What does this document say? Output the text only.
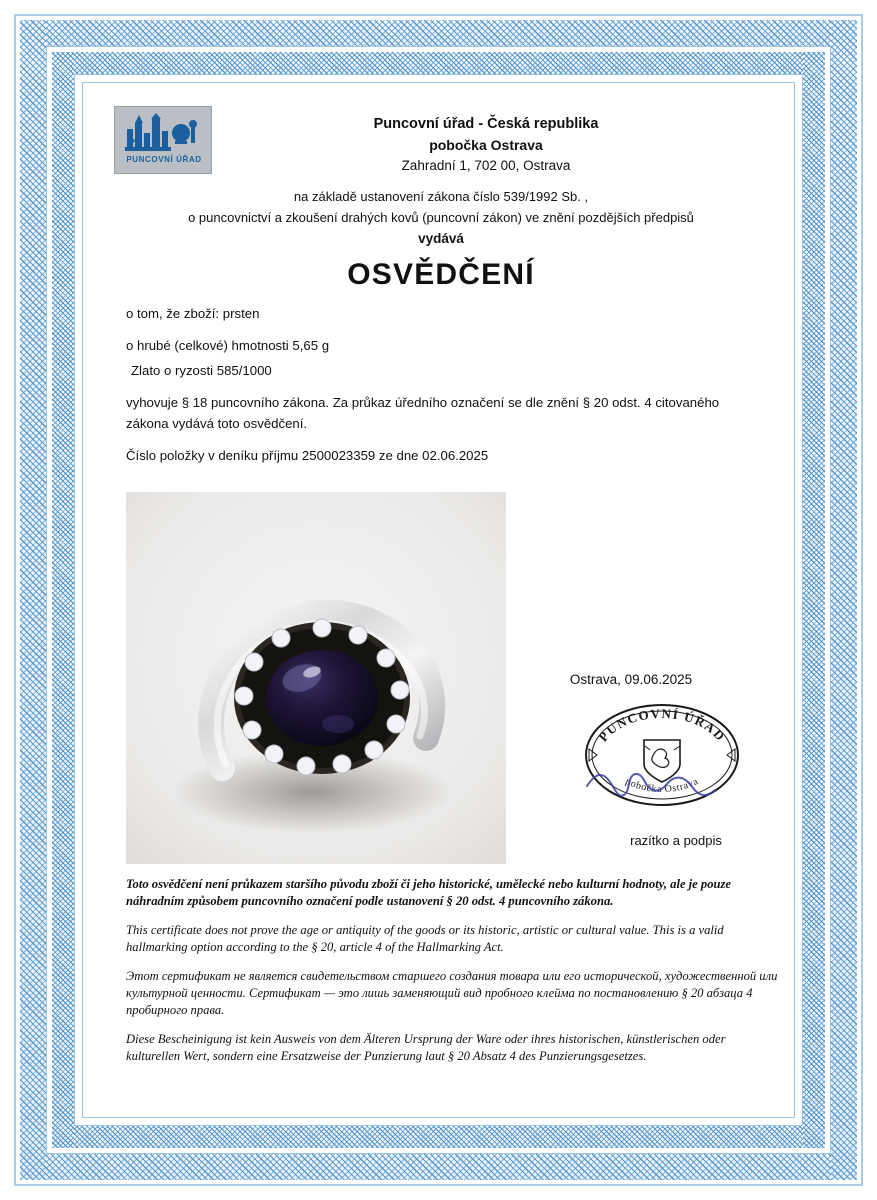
M
PUNCOVNÍ ÚŘAD
Puncovní úřad - Česká republika
pobočka Ostrava
Zahradní 1, 702 00, Ostrava
na základě ustanovení zákona číslo 539/1992 Sb. ,
o puncovnictví a zkoušení drahých kovů (puncovní zákon) ve znění pozdějších předpisů
vydává
OSVĚDČENÍ

o tom, že zboží: prsten

o hrubé (celkové) hmotnosti 5,65 g

Zlato o ryzosti 585/1000

vyhovuje § 18 puncovního zákona. Za průkaz úředního označení se dle znění § 20 odst. 4 citovaného zákona vydává toto osvědčení.

Číslo položky v deníku příjmu 2500023359 ze dne 02.06.2025

Ostrava, 09.06.2025
PUNCOVNÍ ÚŘAD
pobočka Ostrava
razítko a podpis

Toto osvědčení není průkazem staršího původu zboží či jeho historické, umělecké nebo kulturní hodnoty, ale je pouze náhradním způsobem puncovního označení podle ustanovení § 20 odst. 4 puncovního zákona.

This certificate does not prove the age or antiquity of the goods or its historic, artistic or cultural value. This is a valid hallmarking option according to the § 20, article 4 of the Hallmarking Act.

Этот сертификат не является свидетельством старшего создания товара или его исторической, художественной или культурной ценности. Сертификат — это лишь заменяющий вид пробного клейма по постановлению § 20 абзаца 4 пробирного права.

Diese Bescheinigung ist kein Ausweis von dem Älteren Ursprung der Ware oder ihres historischen, künstlerischen oder kulturellen Wert, sondern eine Ersatzweise der Punzierung laut § 20 Absatz 4 des Punzierungsgesetzes.
